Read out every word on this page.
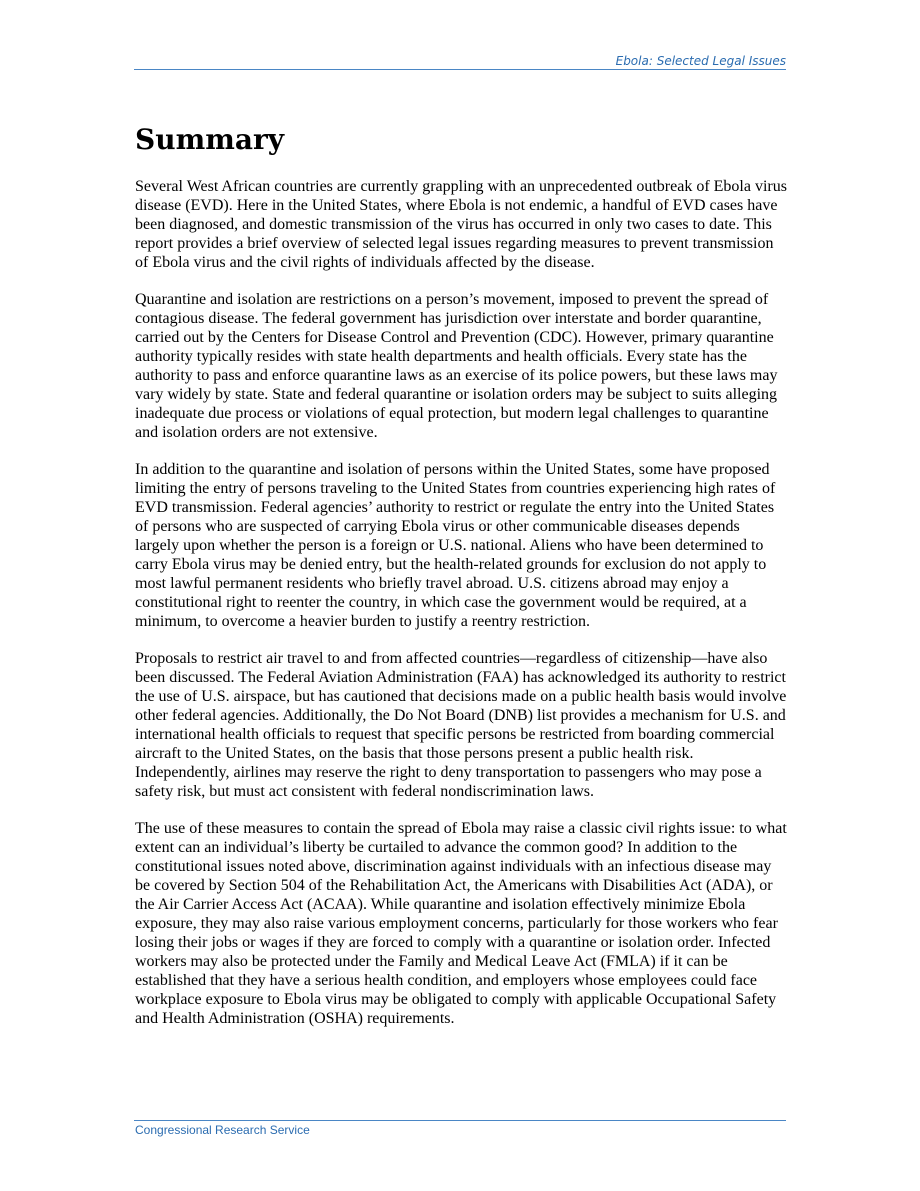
Ebola: Selected Legal Issues
Summary

Several West African countries are currently grappling with an unprecedented outbreak of Ebola virus disease (EVD). Here in the United States, where Ebola is not endemic, a handful of EVD cases have been diagnosed, and domestic transmission of the virus has occurred in only two cases to date. This report provides a brief overview of selected legal issues regarding measures to prevent transmission of Ebola virus and the civil rights of individuals affected by the disease.

Quarantine and isolation are restrictions on a person’s movement, imposed to prevent the spread of contagious disease. The federal government has jurisdiction over interstate and border quarantine, carried out by the Centers for Disease Control and Prevention (CDC). However, primary quarantine authority typically resides with state health departments and health officials. Every state has the authority to pass and enforce quarantine laws as an exercise of its police powers, but these laws may vary widely by state. State and federal quarantine or isolation orders may be subject to suits alleging inadequate due process or violations of equal protection, but modern legal challenges to quarantine and isolation orders are not extensive.

In addition to the quarantine and isolation of persons within the United States, some have proposed limiting the entry of persons traveling to the United States from countries experiencing high rates of EVD transmission. Federal agencies’ authority to restrict or regulate the entry into the United States of persons who are suspected of carrying Ebola virus or other communicable diseases depends largely upon whether the person is a foreign or U.S. national. Aliens who have been determined to carry Ebola virus may be denied entry, but the health-related grounds for exclusion do not apply to most lawful permanent residents who briefly travel abroad. U.S. citizens abroad may enjoy a constitutional right to reenter the country, in which case the government would be required, at a minimum, to overcome a heavier burden to justify a reentry restriction.

Proposals to restrict air travel to and from affected countries—regardless of citizenship—have also been discussed. The Federal Aviation Administration (FAA) has acknowledged its authority to restrict the use of U.S. airspace, but has cautioned that decisions made on a public health basis would involve other federal agencies. Additionally, the Do Not Board (DNB) list provides a mechanism for U.S. and international health officials to request that specific persons be restricted from boarding commercial aircraft to the United States, on the basis that those persons present a public health risk. Independently, airlines may reserve the right to deny transportation to passengers who may pose a safety risk, but must act consistent with federal nondiscrimination laws.

The use of these measures to contain the spread of Ebola may raise a classic civil rights issue: to what extent can an individual’s liberty be curtailed to advance the common good? In addition to the constitutional issues noted above, discrimination against individuals with an infectious disease may be covered by Section 504 of the Rehabilitation Act, the Americans with Disabilities Act (ADA), or the Air Carrier Access Act (ACAA). While quarantine and isolation effectively minimize Ebola exposure, they may also raise various employment concerns, particularly for those workers who fear losing their jobs or wages if they are forced to comply with a quarantine or isolation order. Infected workers may also be protected under the Family and Medical Leave Act (FMLA) if it can be established that they have a serious health condition, and employers whose employees could face workplace exposure to Ebola virus may be obligated to comply with applicable Occupational Safety and Health Administration (OSHA) requirements.

Congressional Research Service
